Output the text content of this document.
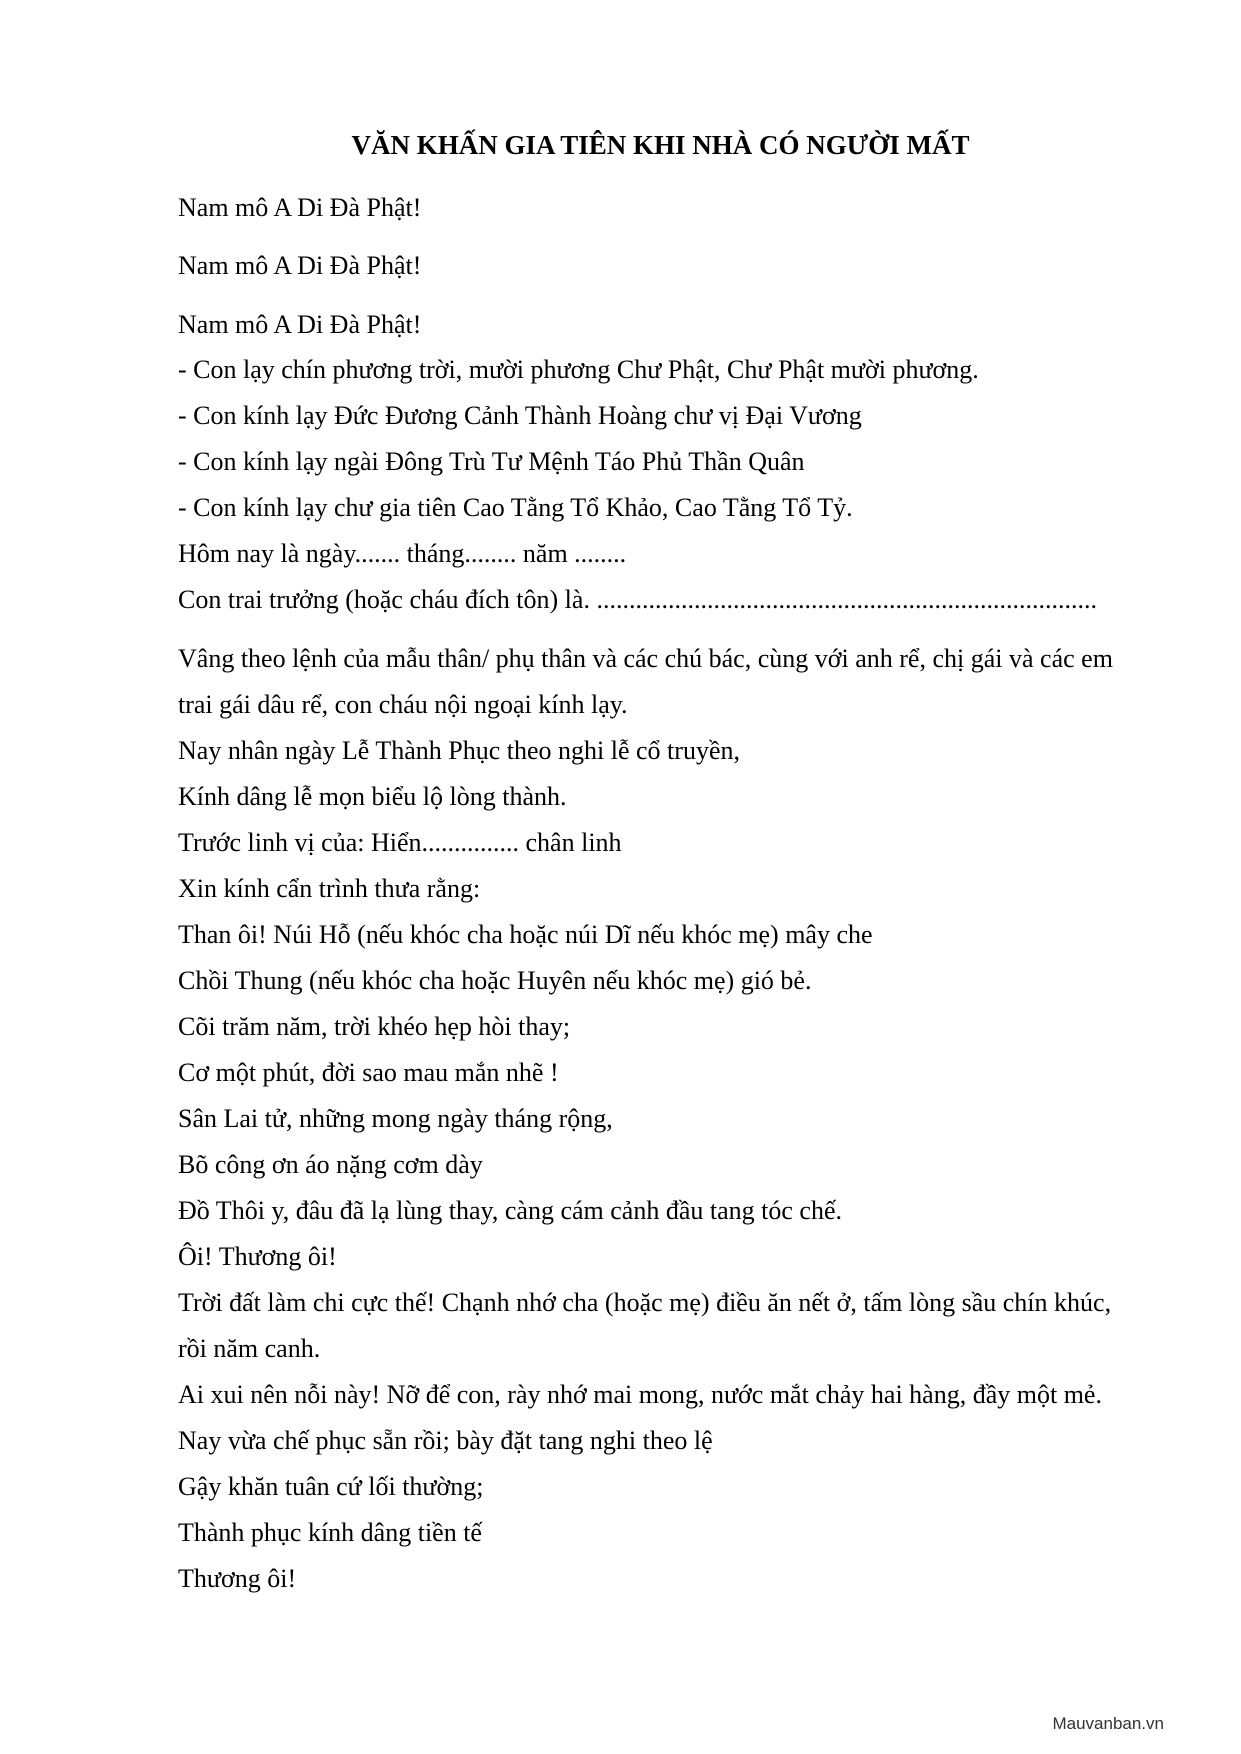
VĂN KHẤN GIA TIÊN KHI NHÀ CÓ NGƯỜI MẤT
Nam mô A Di Đà Phật!
Nam mô A Di Đà Phật!
Nam mô A Di Đà Phật!
- Con lạy chín phương trời, mười phương Chư Phật, Chư Phật mười phương.
- Con kính lạy Đức Đương Cảnh Thành Hoàng chư vị Đại Vương
- Con kính lạy ngài Đông Trù Tư Mệnh Táo Phủ Thần Quân
- Con kính lạy chư gia tiên Cao Tằng Tổ Khảo, Cao Tằng Tổ Tỷ.
Hôm nay là ngày....... tháng........ năm ........
Con trai trưởng (hoặc cháu đích tôn) là. .............................................................................
Vâng theo lệnh của mẫu thân/ phụ thân và các chú bác, cùng với anh rể, chị gái và các em
trai gái dâu rể, con cháu nội ngoại kính lạy.
Nay nhân ngày Lễ Thành Phục theo nghi lễ cổ truyền,
Kính dâng lễ mọn biểu lộ lòng thành.
Trước linh vị của: Hiển............... chân linh
Xin kính cẩn trình thưa rằng:
Than ôi! Núi Hỗ (nếu khóc cha hoặc núi Dĩ nếu khóc mẹ) mây che
Chồi Thung (nếu khóc cha hoặc Huyên nếu khóc mẹ) gió bẻ.
Cõi trăm năm, trời khéo hẹp hòi thay;
Cơ một phút, đời sao mau mắn nhẽ !
Sân Lai tử, những mong ngày tháng rộng,
Bõ công ơn áo nặng cơm dày
Đồ Thôi y, đâu đã lạ lùng thay, càng cám cảnh đầu tang tóc chế.
Ôi! Thương ôi!
Trời đất làm chi cực thế! Chạnh nhớ cha (hoặc mẹ) điều ăn nết ở, tấm lòng sầu chín khúc,
rồi năm canh.
Ai xui nên nỗi này! Nỡ để con, rày nhớ mai mong, nước mắt chảy hai hàng, đầy một mẻ.
Nay vừa chế phục sẵn rồi; bày đặt tang nghi theo lệ
Gậy khăn tuân cứ lối thường;
Thành phục kính dâng tiền tế
Thương ôi!
Mauvanban.vn
